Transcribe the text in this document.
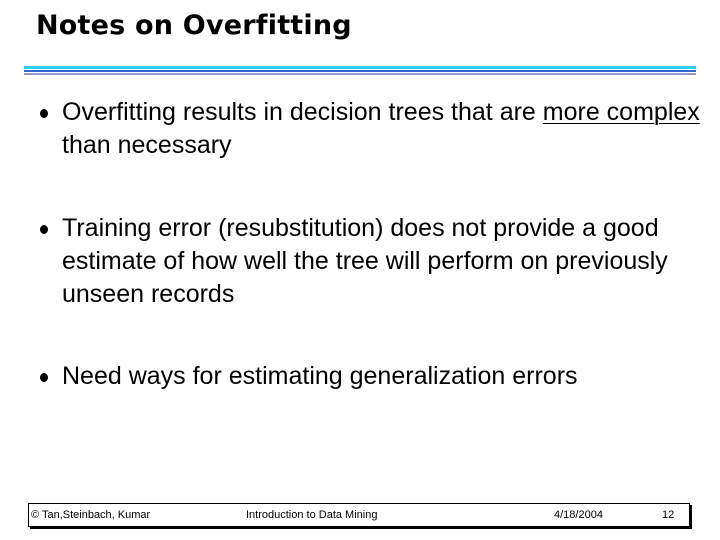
Notes on Overfitting
Overfitting results in decision trees that are more complex than necessary
Training error (resubstitution) does not provide a good estimate of how well the tree will perform on previously unseen records
Need ways for estimating generalization errors
© Tan,Steinbach, Kumar	Introduction to Data Mining	4/18/2004	12
